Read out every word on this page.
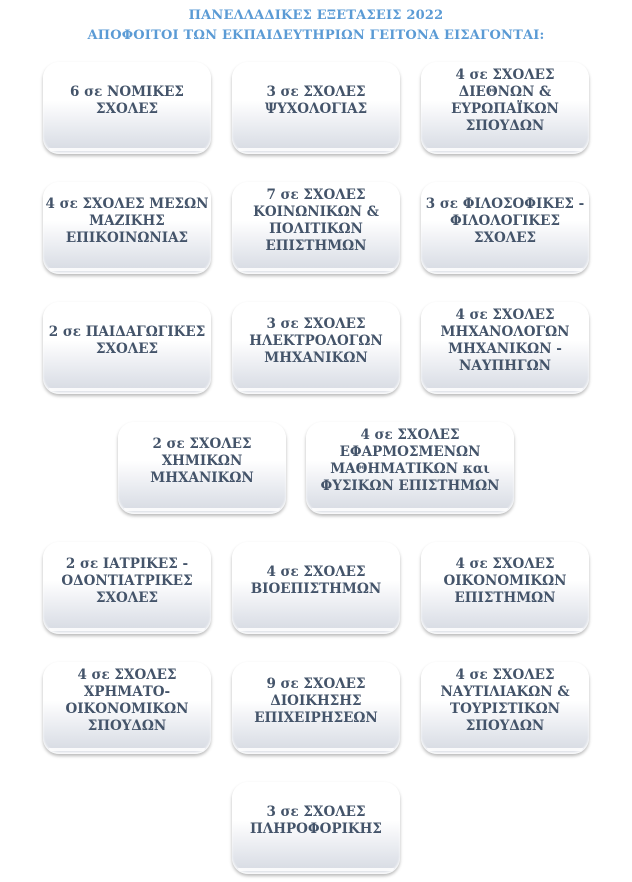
ΠΑΝΕΛΛΑΔΙΚΕΣ ΕΞΕΤΑΣΕΙΣ 2022
ΑΠΟΦΟΙΤΟΙ ΤΩΝ ΕΚΠΑΙΔΕΥΤΗΡΙΩΝ ΓΕΙΤΟΝΑ ΕΙΣΑΓΟΝΤΑΙ:
6 σε ΝΟΜΙΚΕΣ
ΣΧΟΛΕΣ
3 σε ΣΧΟΛΕΣ
ΨΥΧΟΛΟΓΙΑΣ
4 σε ΣΧΟΛΕΣ
ΔΙΕΘΝΩΝ &
ΕΥΡΩΠΑΪΚΩΝ
ΣΠΟΥΔΩΝ
4 σε ΣΧΟΛΕΣ ΜΕΣΩΝ
ΜΑΖΙΚΗΣ
ΕΠΙΚΟΙΝΩΝΙΑΣ
7 σε ΣΧΟΛΕΣ
ΚΟΙΝΩΝΙΚΩΝ &
ΠΟΛΙΤΙΚΩΝ
ΕΠΙΣΤΗΜΩΝ
3 σε ΦΙΛΟΣΟΦΙΚΕΣ -
ΦΙΛΟΛΟΓΙΚΕΣ
ΣΧΟΛΕΣ
2 σε ΠΑΙΔΑΓΩΓΙΚΕΣ
ΣΧΟΛΕΣ
3 σε ΣΧΟΛΕΣ
ΗΛΕΚΤΡΟΛΟΓΩΝ
ΜΗΧΑΝΙΚΩΝ
4 σε ΣΧΟΛΕΣ
ΜΗΧΑΝΟΛΟΓΩΝ
ΜΗΧΑΝΙΚΩΝ -
ΝΑΥΠΗΓΩΝ
2 σε ΣΧΟΛΕΣ
ΧΗΜΙΚΩΝ
ΜΗΧΑΝΙΚΩΝ
4 σε ΣΧΟΛΕΣ
ΕΦΑΡΜΟΣΜΕΝΩΝ
ΜΑΘΗΜΑΤΙΚΩΝ και
ΦΥΣΙΚΩΝ ΕΠΙΣΤΗΜΩΝ
2 σε ΙΑΤΡΙΚΕΣ -
ΟΔΟΝΤΙΑΤΡΙΚΕΣ
ΣΧΟΛΕΣ
4 σε ΣΧΟΛΕΣ
ΒΙΟΕΠΙΣΤΗΜΩΝ
4 σε ΣΧΟΛΕΣ
ΟΙΚΟΝΟΜΙΚΩΝ
ΕΠΙΣΤΗΜΩΝ
4 σε ΣΧΟΛΕΣ
ΧΡΗΜΑΤΟ-
ΟΙΚΟΝΟΜΙΚΩΝ
ΣΠΟΥΔΩΝ
9 σε ΣΧΟΛΕΣ
ΔΙΟΙΚΗΣΗΣ
ΕΠΙΧΕΙΡΗΣΕΩΝ
4 σε ΣΧΟΛΕΣ
ΝΑΥΤΙΛΙΑΚΩΝ &
ΤΟΥΡΙΣΤΙΚΩΝ
ΣΠΟΥΔΩΝ
3 σε ΣΧΟΛΕΣ
ΠΛΗΡΟΦΟΡΙΚΗΣ
